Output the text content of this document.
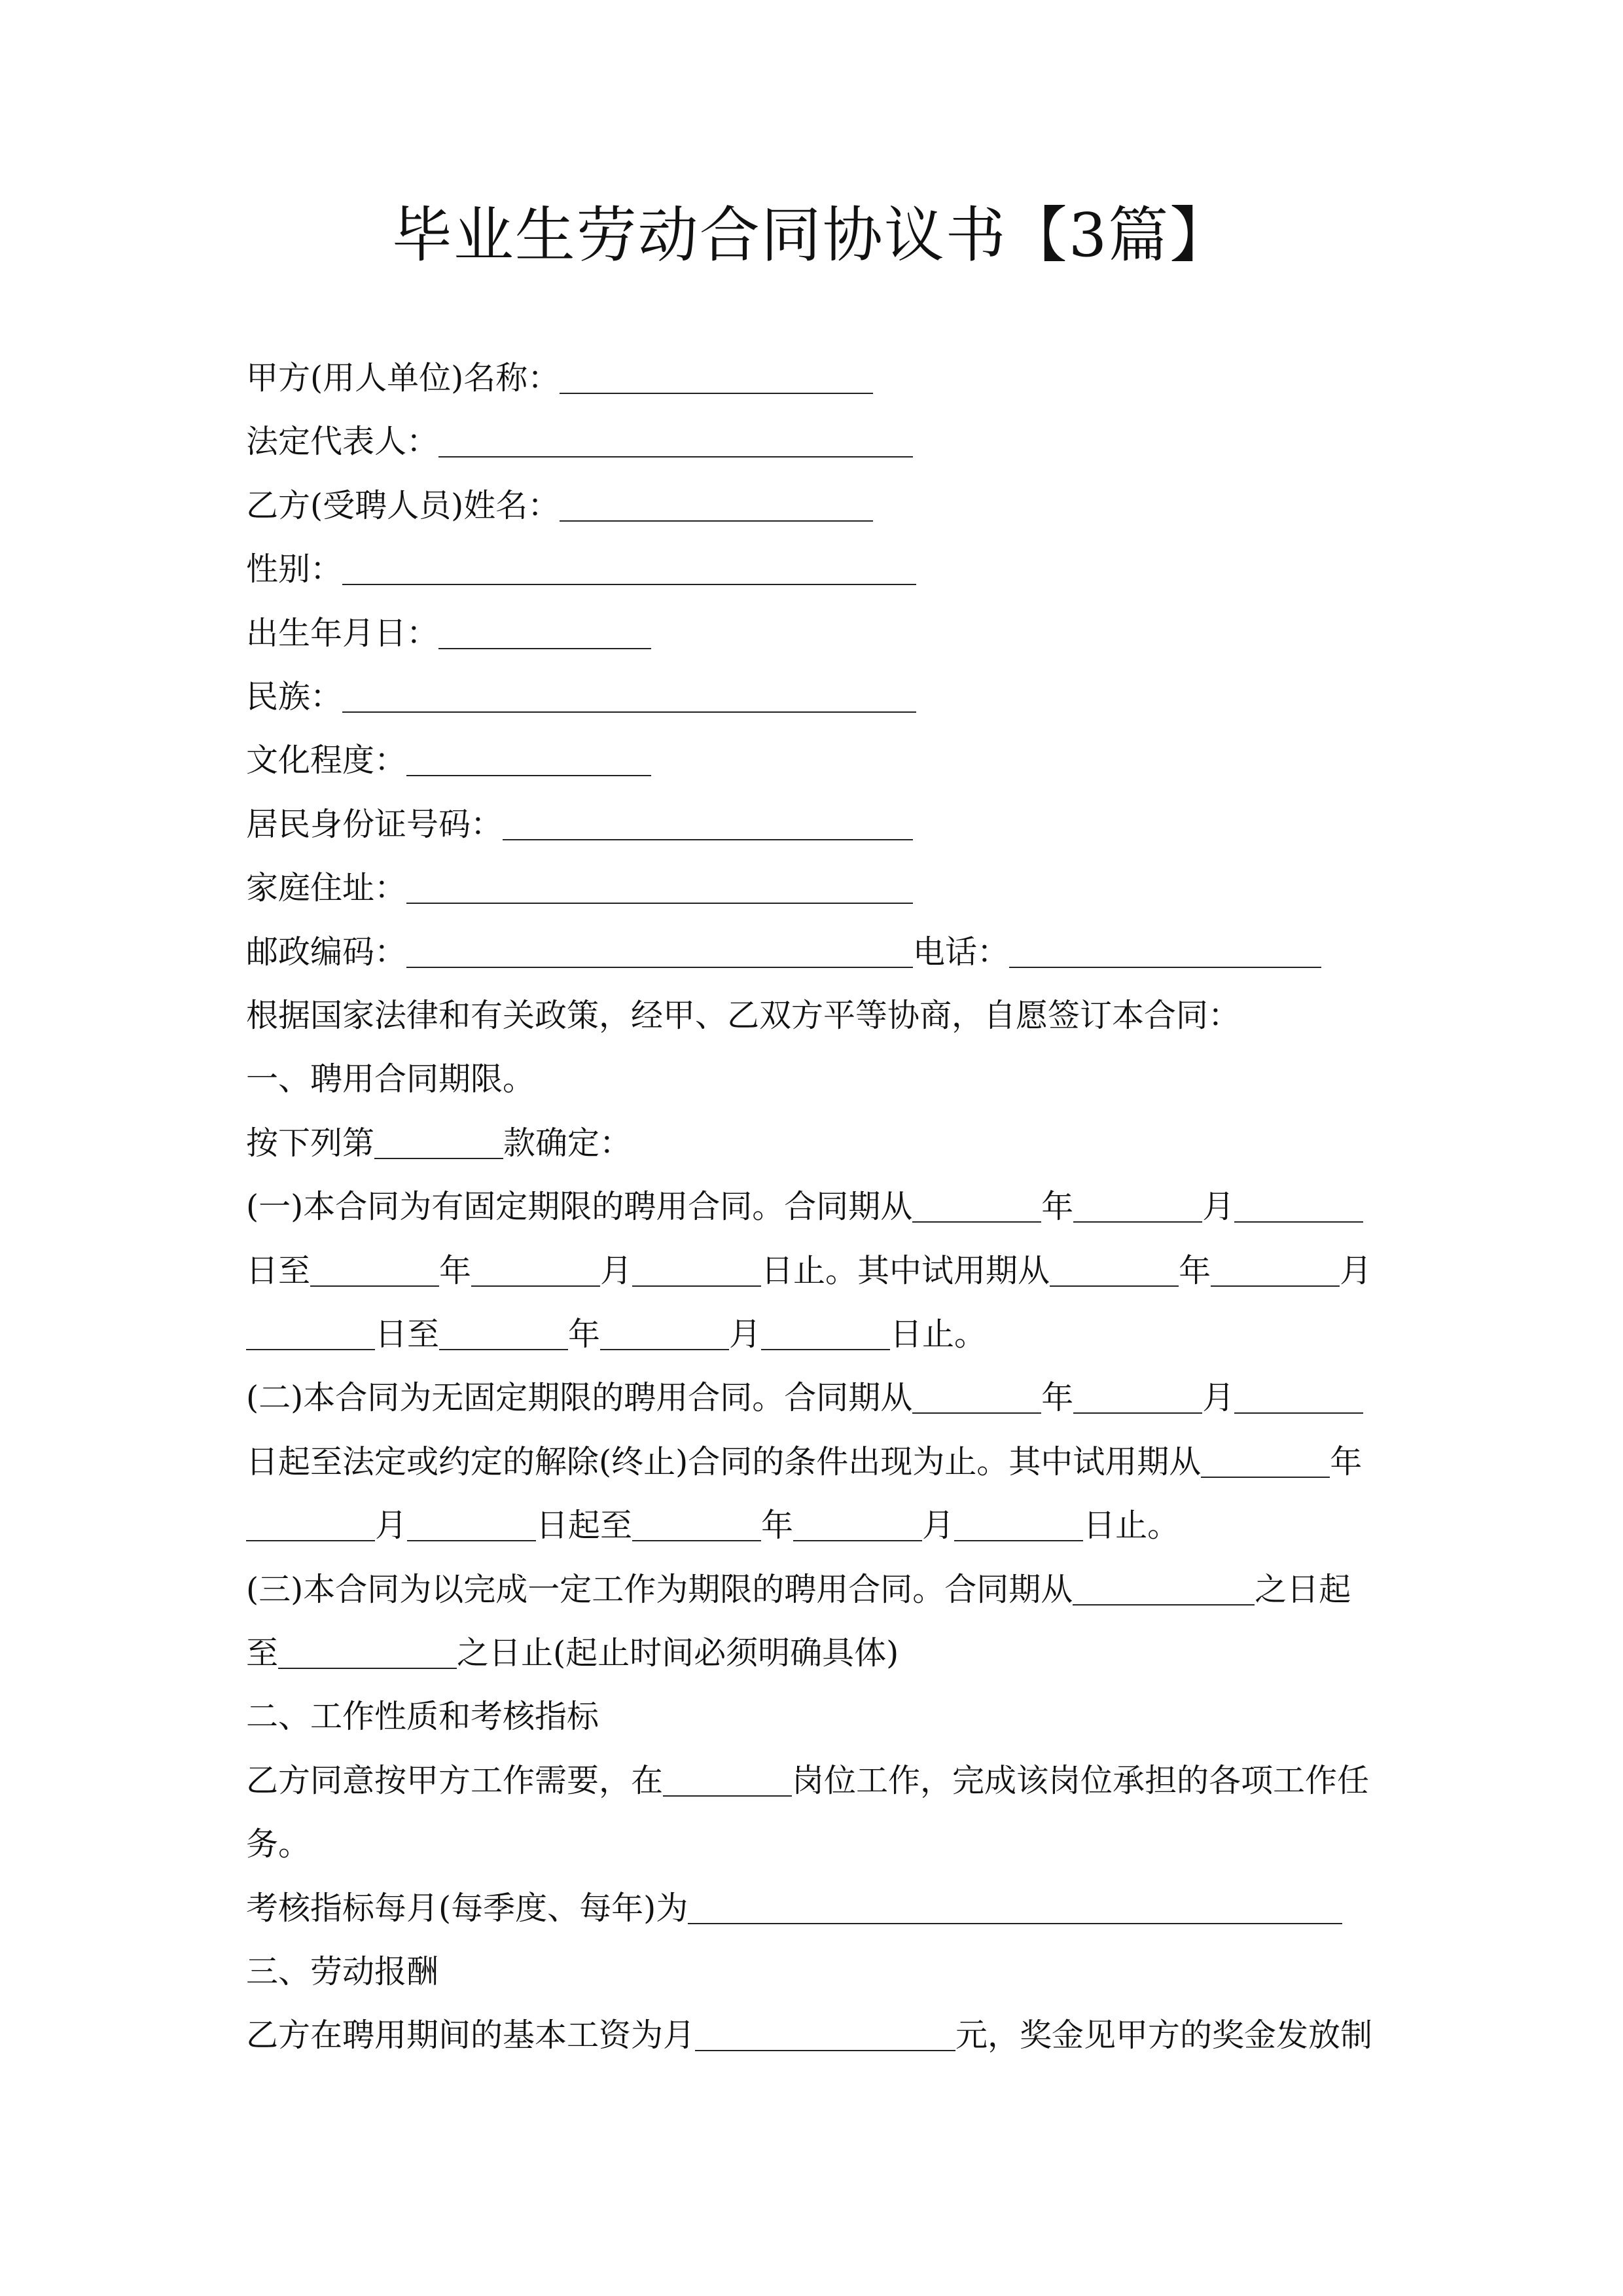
毕业生劳动合同协议书【3篇】
甲方(用人单位)名称：
法定代表人：
乙方(受聘人员)姓名：
性别：
出生年月日：
民族：
文化程度：
居民身份证号码：
家庭住址：
邮政编码：	电话：
根据国家法律和有关政策，经甲、乙双方平等协商，自愿签订本合同：
一、聘用合同期限。
按下列第	款确定：
(一)本合同为有固定期限的聘用合同。合同期从	年	月
日至	年	月	日止。其中试用期从	年	月
日至	年	月	日止。
(二)本合同为无固定期限的聘用合同。合同期从	年	月
日起至法定或约定的解除(终止)合同的条件出现为止。其中试用期从	年
月	日起至	年	月	日止。
(三)本合同为以完成一定工作为期限的聘用合同。合同期从	之日起
至	之日止(起止时间必须明确具体)
二、工作性质和考核指标
乙方同意按甲方工作需要，在	岗位工作，完成该岗位承担的各项工作任
务。
考核指标每月(每季度、每年)为
三、劳动报酬
乙方在聘用期间的基本工资为月	元，奖金见甲方的奖金发放制
